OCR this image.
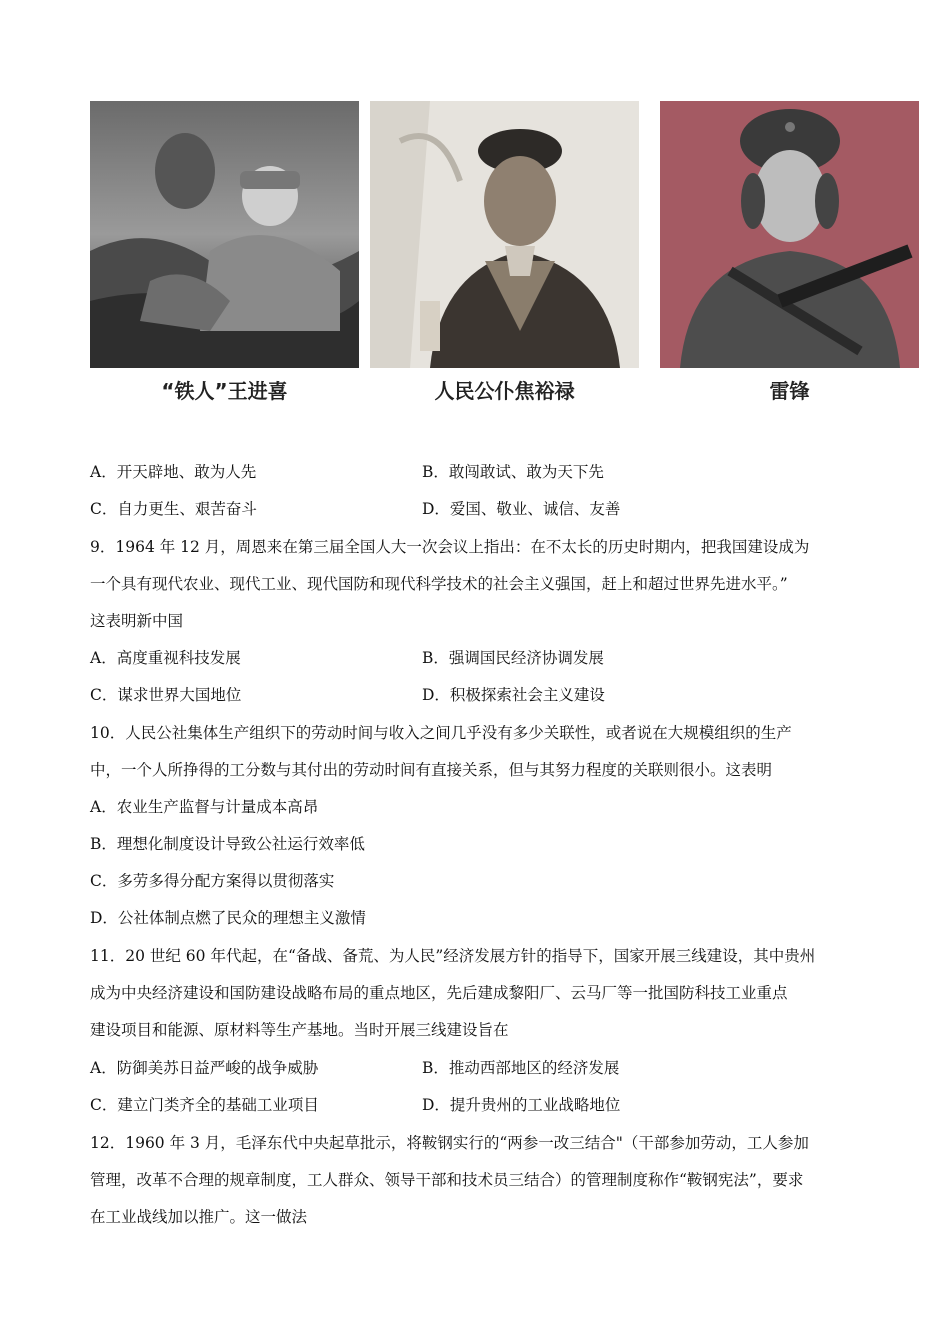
“铁人”王进喜	人民公仆焦裕禄	雷锋
A．开天辟地、敢为人先	B．敢闯敢试、敢为天下先
C．自力更生、艰苦奋斗	D．爱国、敬业、诚信、友善
9．1964 年 12 月，周恩来在第三届全国人大一次会议上指出：在不太长的历史时期内，把我国建设成为
一个具有现代农业、现代工业、现代国防和现代科学技术的社会主义强国，赶上和超过世界先进水平。”
这表明新中国
A．高度重视科技发展	B．强调国民经济协调发展
C．谋求世界大国地位	D．积极探索社会主义建设
10．人民公社集体生产组织下的劳动时间与收入之间几乎没有多少关联性，或者说在大规模组织的生产
中，一个人所挣得的工分数与其付出的劳动时间有直接关系，但与其努力程度的关联则很小。这表明
A．农业生产监督与计量成本高昂
B．理想化制度设计导致公社运行效率低
C．多劳多得分配方案得以贯彻落实
D．公社体制点燃了民众的理想主义激情
11．20 世纪 60 年代起，在“备战、备荒、为人民”经济发展方针的指导下，国家开展三线建设，其中贵州
成为中央经济建设和国防建设战略布局的重点地区，先后建成黎阳厂、云马厂等一批国防科技工业重点
建设项目和能源、原材料等生产基地。当时开展三线建设旨在
A．防御美苏日益严峻的战争威胁	B．推动西部地区的经济发展
C．建立门类齐全的基础工业项目	D．提升贵州的工业战略地位
12．1960 年 3 月，毛泽东代中央起草批示，将鞍钢实行的“两参一改三结合"（干部参加劳动，工人参加
管理，改革不合理的规章制度，工人群众、领导干部和技术员三结合）的管理制度称作“鞍钢宪法”，要求
在工业战线加以推广。这一做法
